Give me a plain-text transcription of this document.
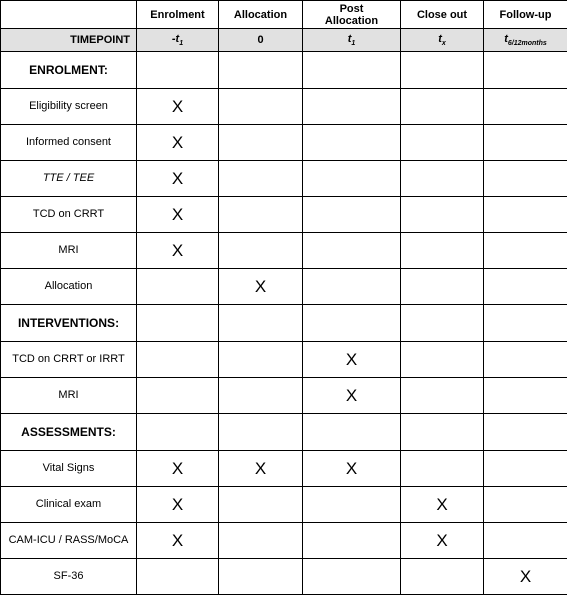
	Enrolment	Allocation	Post
Allocation	Close out	Follow-up
TIMEPOINT	$-t_1$	0	$t_1$	$t_x$	$t_{6/12months}$
ENROLMENT:					
Eligibility screen	X				
Informed consent	X				
TTE / TEE	X				
TCD on CRRT	X				
MRI	X				
Allocation		X			
INTERVENTIONS:					
TCD on CRRT or IRRT			X		
MRI			X		
ASSESSMENTS:					
Vital Signs	X	X	X		
Clinical exam	X			X	
CAM-ICU / RASS/MoCA	X			X	
SF-36					X
